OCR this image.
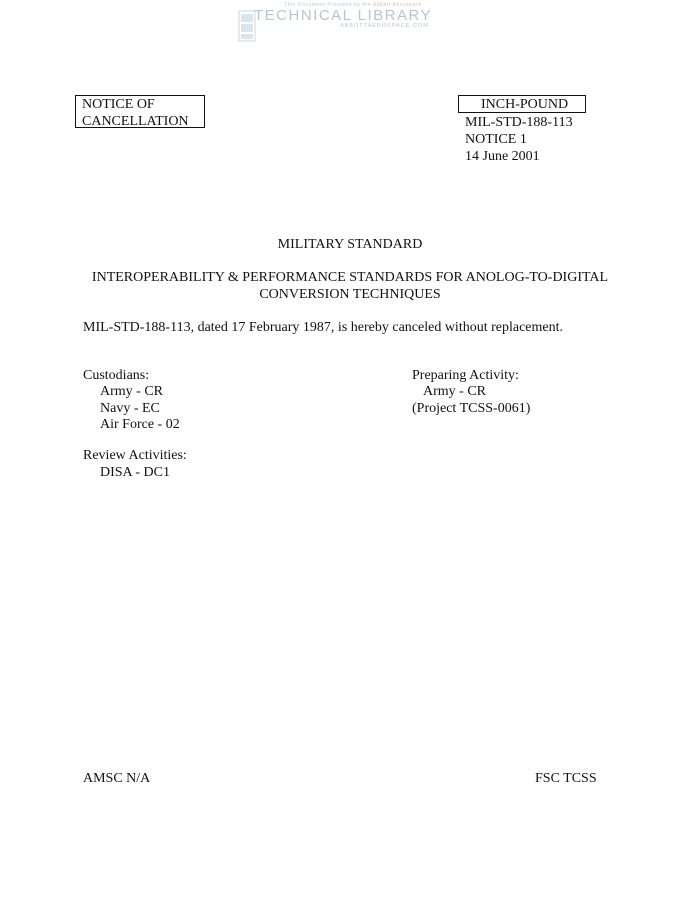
This Document Provided by the Abbott Aerospace
TECHNICAL LIBRARY
ABBOTTAEROSPACE.COM
NOTICE OF
CANCELLATION
INCH-POUND
MIL-STD-188-113
NOTICE 1
14 June 2001
MILITARY STANDARD
INTEROPERABILITY & PERFORMANCE STANDARDS FOR ANOLOG-TO-DIGITAL
CONVERSION TECHNIQUES
MIL-STD-188-113, dated 17 February 1987, is hereby canceled without replacement.
Custodians:
Army - CR
Navy - EC
Air Force - 02
Preparing Activity:
Army - CR
(Project TCSS-0061)
Review Activities:
DISA - DC1
AMSC N/A	FSC TCSS
